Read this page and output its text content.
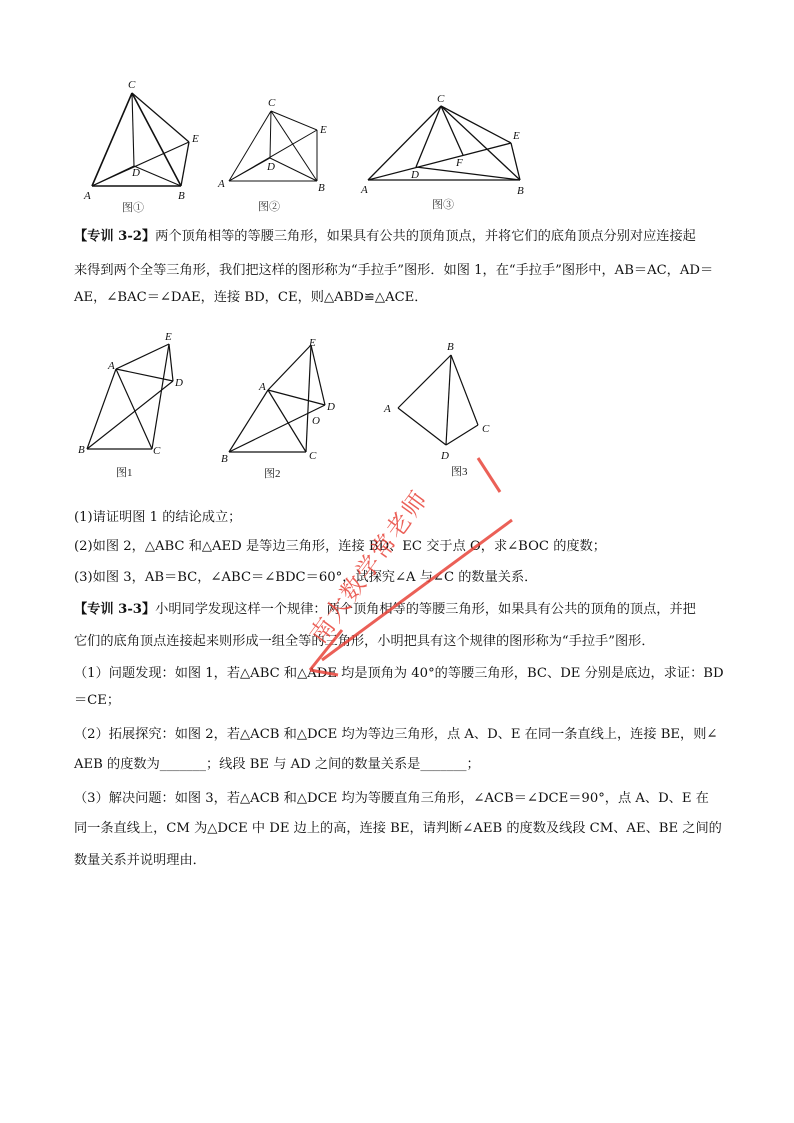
C
E
D
A	B
图①
C
E
D
A	B
图②
C
E
F
D
A	B
图③
【专训 3-2】两个顶角相等的等腰三角形，如果具有公共的顶角顶点，并将它们的底角顶点分别对应连接起
来得到两个全等三角形，我们把这样的图形称为“手拉手”图形．如图 1，在“手拉手”图形中，AB＝AC，AD＝
AE，∠BAC＝∠DAE，连接 BD，CE，则△ABD≌△ACE．
E
A
D
B	C
图1
E
A
D
O
B	C
图2
B
A
C
D
图3
(1)请证明图 1 的结论成立；
(2)如图 2，△ABC 和△AED 是等边三角形，连接 BD、EC 交于点 O，求∠BOC 的度数；
(3)如图 3，AB＝BC，∠ABC＝∠BDC＝60°，试探究∠A 与∠C 的数量关系．
【专训 3-3】小明同学发现这样一个规律：两个顶角相等的等腰三角形，如果具有公共的顶角的顶点，并把
它们的底角顶点连接起来则形成一组全等的三角形，小明把具有这个规律的图形称为“手拉手”图形．
（1）问题发现：如图 1，若△ABC 和△ADE 均是顶角为 40°的等腰三角形，BC、DE 分别是底边，求证：BD
＝CE；
（2）拓展探究：如图 2，若△ACB 和△DCE 均为等边三角形，点 A、D、E 在同一条直线上，连接 BE，则∠
AEB 的度数为_______；线段 BE 与 AD 之间的数量关系是_______；
（3）解决问题：如图 3，若△ACB 和△DCE 均为等腰直角三角形，∠ACB＝∠DCE＝90°，点 A、D、E 在
同一条直线上，CM 为△DCE 中 DE 边上的高，连接 BE，请判断∠AEB 的度数及线段 CM、AE、BE 之间的
数量关系并说明理由．
南大数学常老师
